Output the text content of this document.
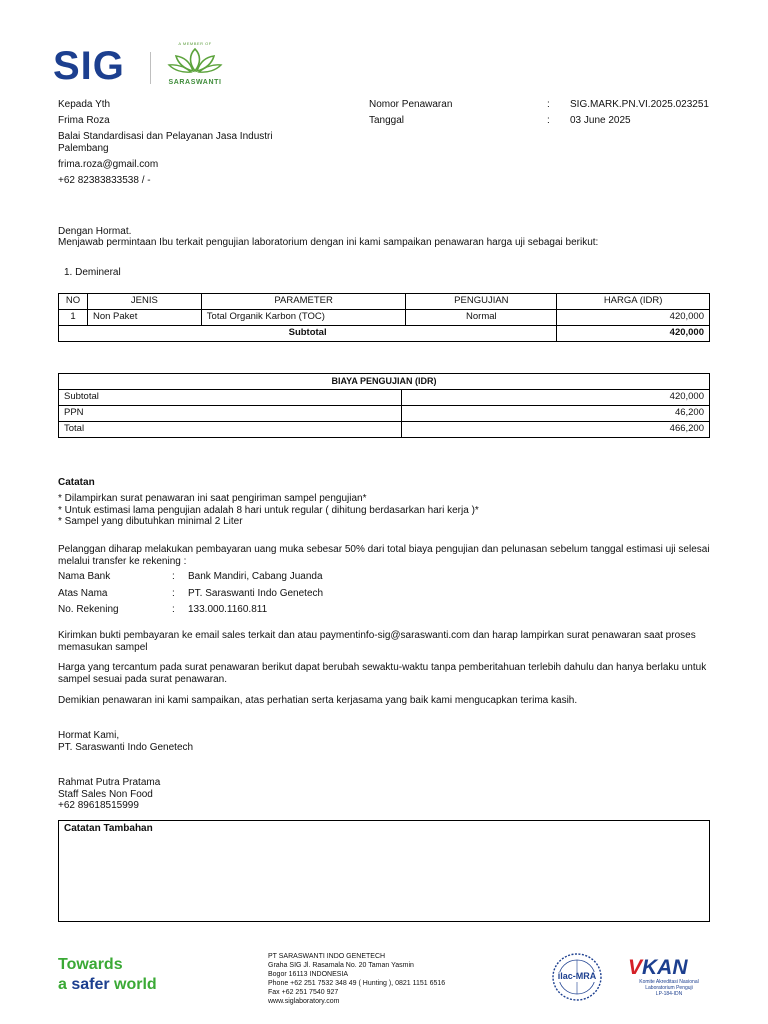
SIG
A MEMBER OF
SARASWANTI
Kepada Yth
Frima Roza
Balai Standardisasi dan Pelayanan Jasa Industri Palembang
frima.roza@gmail.com
+62 82383833538 / -
Nomor Penawaran	:	SIG.MARK.PN.VI.2025.023251
Tanggal	:	03 June 2025
Dengan Hormat.
Menjawab permintaan Ibu terkait pengujian laboratorium dengan ini kami sampaikan penawaran harga uji sebagai berikut:
1. Demineral
NO	JENIS	PARAMETER	PENGUJIAN	HARGA (IDR)
1	Non Paket	Total Organik Karbon (TOC)	Normal	420,000
Subtotal				420,000
BIAYA PENGUJIAN (IDR)	
Subtotal	420,000
PPN	46,200
Total	466,200
Catatan
* Dilampirkan surat penawaran ini saat pengiriman sampel pengujian*
* Untuk estimasi lama pengujian adalah 8 hari untuk regular ( dihitung berdasarkan hari kerja )*
* Sampel yang dibutuhkan minimal 2 Liter
Pelanggan diharap melakukan pembayaran uang muka sebesar 50% dari total biaya pengujian dan pelunasan sebelum tanggal estimasi uji selesai melalui transfer ke rekening :
Nama Bank	:	Bank Mandiri, Cabang Juanda
Atas Nama	:	PT. Saraswanti Indo Genetech
No. Rekening	:	133.000.1160.811
Kirimkan bukti pembayaran ke email sales terkait dan atau paymentinfo-sig@saraswanti.com dan harap lampirkan surat penawaran saat proses memasukan sampel
Harga yang tercantum pada surat penawaran berikut dapat berubah sewaktu-waktu tanpa pemberitahuan terlebih dahulu dan hanya berlaku untuk sampel sesuai pada surat penawaran.
Demikian penawaran ini kami sampaikan, atas perhatian serta kerjasama yang baik kami mengucapkan terima kasih.
Hormat Kami,
PT. Saraswanti Indo Genetech
Rahmat Putra Pratama
Staff Sales Non Food
+62 89618515999
Catatan Tambahan
Towards
a safer world
PT SARASWANTI INDO GENETECH
Graha SIG Jl. Rasamala No. 20 Taman Yasmin
Bogor 16113 INDONESIA
Phone +62 251 7532 348 49 ( Hunting ), 0821 1151 6516
Fax +62 251 7540 927
www.siglaboratory.com
ilac-MRA	VKAN
Komite Akreditasi Nasional
Laboratorium Penguji
LP-184-IDN
